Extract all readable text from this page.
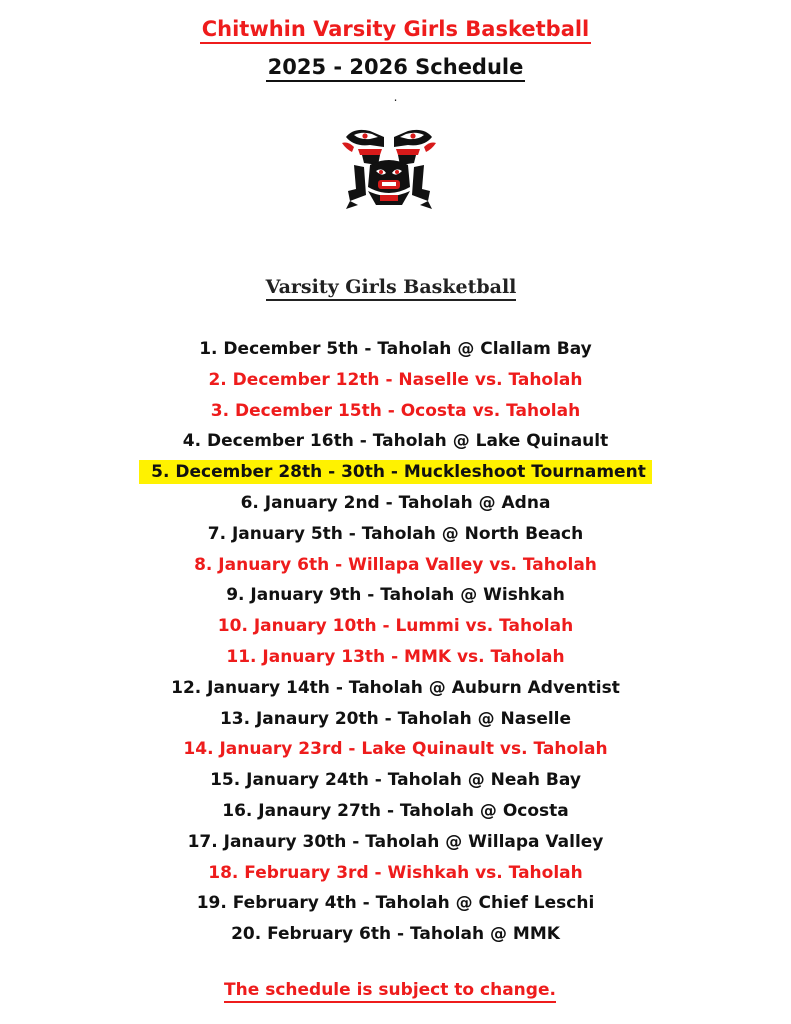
Chitwhin Varsity Girls Basketball
2025 - 2026 Schedule
.
Varsity Girls Basketball
1. December 5th - Taholah @ Clallam Bay
2. December 12th - Naselle vs. Taholah
3. December 15th - Ocosta vs. Taholah
4. December 16th - Taholah @ Lake Quinault
5. December 28th - 30th - Muckleshoot Tournament
6. January 2nd - Taholah @ Adna
7. January 5th - Taholah @ North Beach
8. January 6th - Willapa Valley vs. Taholah
9. January 9th - Taholah @ Wishkah
10. January 10th - Lummi vs. Taholah
11. January 13th - MMK vs. Taholah
12. January 14th - Taholah @ Auburn Adventist
13. Janaury 20th - Taholah @ Naselle
14. January 23rd - Lake Quinault vs. Taholah
15. January 24th - Taholah @ Neah Bay
16. Janaury 27th - Taholah @ Ocosta
17. Janaury 30th - Taholah @ Willapa Valley
18. February 3rd - Wishkah vs. Taholah
19. February 4th - Taholah @ Chief Leschi
20. February 6th - Taholah @ MMK
The schedule is subject to change.
